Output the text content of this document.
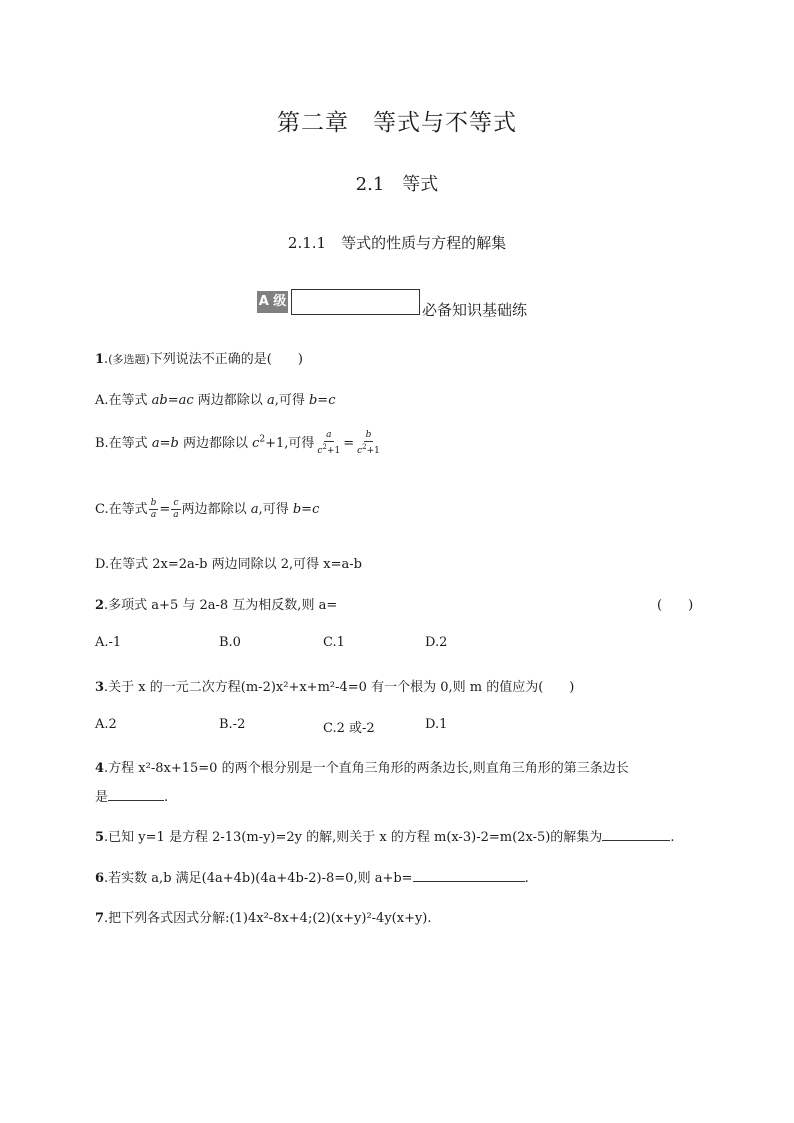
第二章　等式与不等式
2.1　等式
2.1.1　等式的性质与方程的解集
A 级	必备知识基础练
1.(多选题)下列说法不正确的是(　　)
A.在等式 ab=ac 两边都除以 a,可得 b=c
B.在等式 a=b 两边都除以 $c^2+1$,可得 $\frac{a}{c^2+1} = \frac{b}{c^2+1}$
C.在等式 $\frac{b}{a} = \frac{c}{a}$ 两边都除以 a,可得 b=c
D.在等式 2x=2a-b 两边同除以 2,可得 x=a-b
2.多项式 a+5 与 2a-8 互为相反数,则 a=	(　　)
A.-1	B.0	C.1	D.2
3.关于 x 的一元二次方程(m-2)x²+x+m²-4=0 有一个根为 0,则 m 的值应为(　　)
A.2	B.-2	C.2 或-2	D.1
4.方程 x²-8x+15=0 的两个根分别是一个直角三角形的两条边长,则直角三角形的第三条边长
是	.
5.已知 y=1 是方程 2-13(m-y)=2y 的解,则关于 x 的方程 m(x-3)-2=m(2x-5)的解集为	.
6.若实数 a,b 满足(4a+4b)(4a+4b-2)-8=0,则 a+b=	.
7.把下列各式因式分解:(1)4x²-8x+4;(2)(x+y)²-4y(x+y).
